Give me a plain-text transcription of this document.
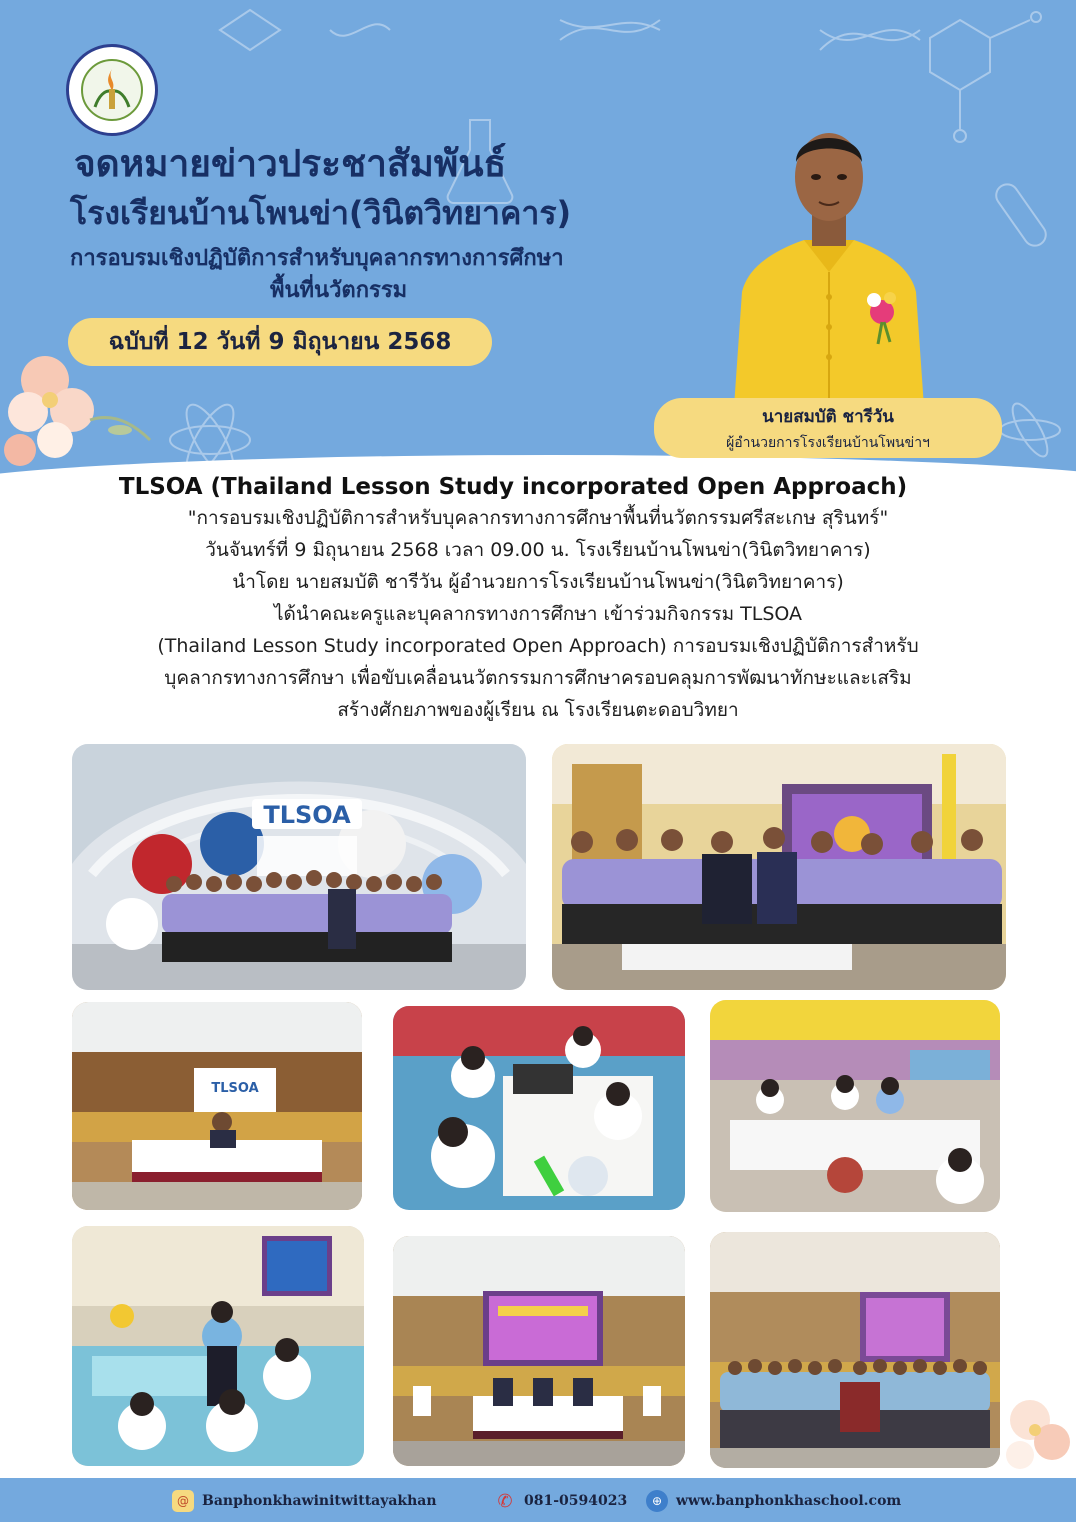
จดหมายข่าวประชาสัมพันธ์
โรงเรียนบ้านโพนข่า(วินิตวิทยาคาร)
การอบรมเชิงปฏิบัติการสำหรับบุคลากรทางการศึกษา
พื้นที่นวัตกรรม
ฉบับที่ 12 วันที่ 9 มิถุนายน 2568
นายสมบัติ ชารีวัน
ผู้อำนวยการโรงเรียนบ้านโพนข่าฯ
TLSOA (Thailand Lesson Study incorporated Open Approach)
"การอบรมเชิงปฏิบัติการสำหรับบุคลากรทางการศึกษาพื้นที่นวัตกรรมศรีสะเกษ สุรินทร์"
วันจันทร์ที่ 9 มิถุนายน 2568 เวลา 09.00 น. โรงเรียนบ้านโพนข่า(วินิตวิทยาคาร)
นำโดย นายสมบัติ ชารีวัน ผู้อำนวยการโรงเรียนบ้านโพนข่า(วินิตวิทยาคาร)
ได้นำคณะครูและบุคลากรทางการศึกษา เข้าร่วมกิจกรรม TLSOA
(Thailand Lesson Study incorporated Open Approach) การอบรมเชิงปฏิบัติการสำหรับ
บุคลากรทางการศึกษา เพื่อขับเคลื่อนนวัตกรรมการศึกษาครอบคลุมการพัฒนาทักษะและเสริม
สร้างศักยภาพของผู้เรียน ณ โรงเรียนตะดอบวิทยา
TLSOA
TLSOA
@ Banphonkhawinitwittayakhan	✆ 081-0594023	⊕ www.banphonkhaschool.com
